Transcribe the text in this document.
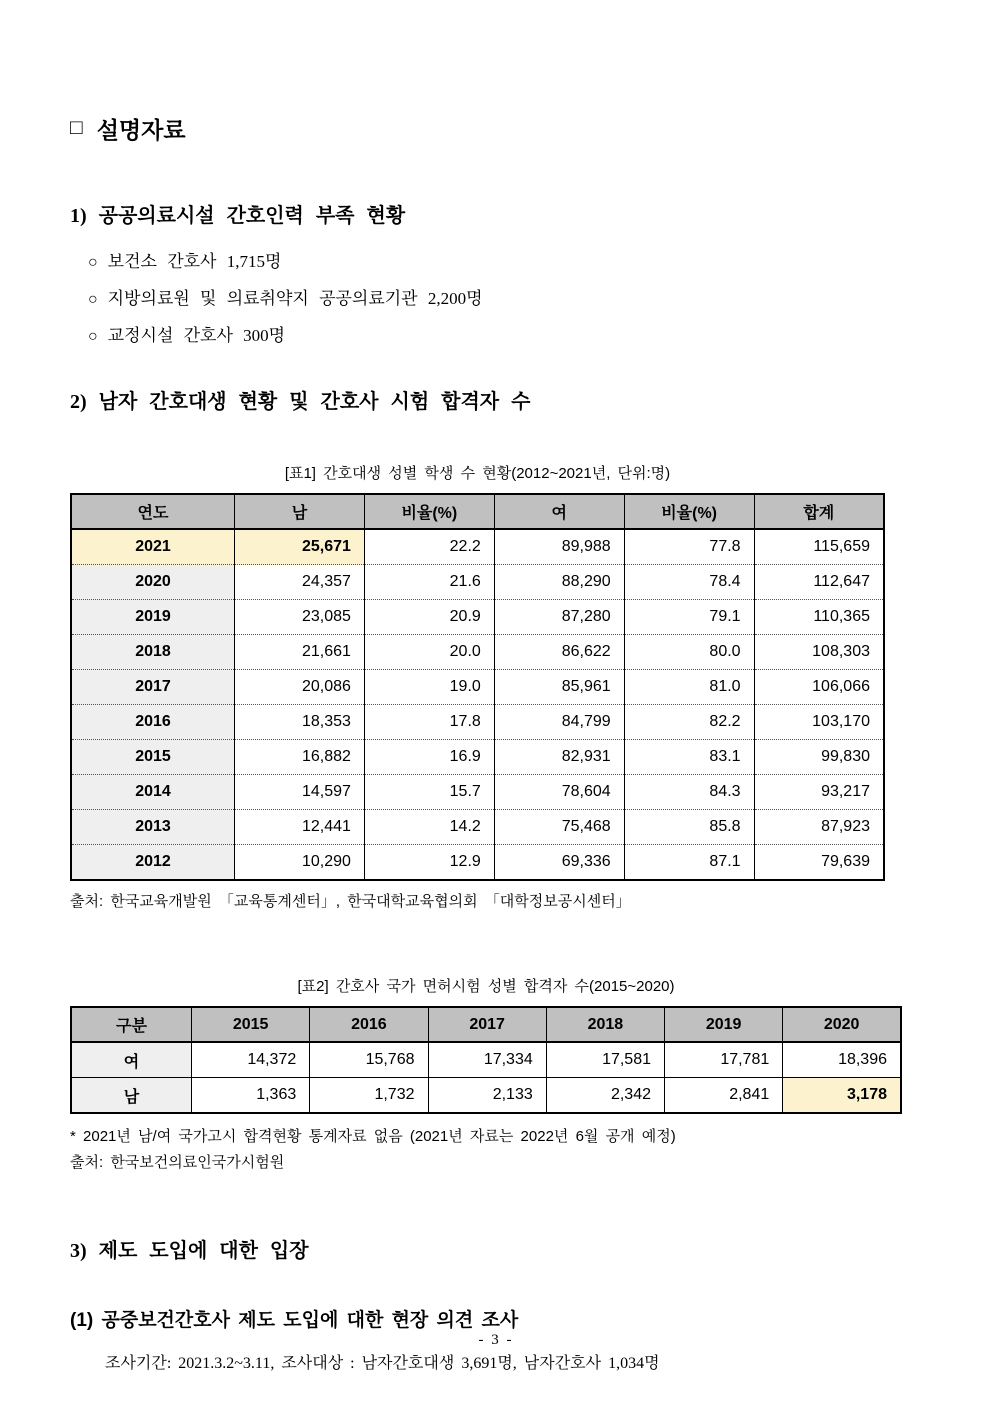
□ 설명자료
1) 공공의료시설 간호인력 부족 현황
○ 보건소 간호사 1,715명
○ 지방의료원 및 의료취약지 공공의료기관 2,200명
○ 교정시설 간호사 300명
2) 남자 간호대생 현황 및 간호사 시험 합격자 수
[표1] 간호대생 성별 학생 수 현황(2012~2021년, 단위:명)
연도	남	비율(%)	여	비율(%)	합계
2021	25,671	22.2	89,988	77.8	115,659
2020	24,357	21.6	88,290	78.4	112,647
2019	23,085	20.9	87,280	79.1	110,365
2018	21,661	20.0	86,622	80.0	108,303
2017	20,086	19.0	85,961	81.0	106,066
2016	18,353	17.8	84,799	82.2	103,170
2015	16,882	16.9	82,931	83.1	99,830
2014	14,597	15.7	78,604	84.3	93,217
2013	12,441	14.2	75,468	85.8	87,923
2012	10,290	12.9	69,336	87.1	79,639
출처: 한국교육개발원 「교육통계센터」, 한국대학교육협의회 「대학정보공시센터」
[표2] 간호사 국가 면허시험 성별 합격자 수(2015~2020)
구분	2015	2016	2017	2018	2019	2020
여	14,372	15,768	17,334	17,581	17,781	18,396
남	1,363	1,732	2,133	2,342	2,841	3,178
* 2021년 남/여 국가고시 합격현황 통계자료 없음 (2021년 자료는 2022년 6월 공개 예정)
출처: 한국보건의료인국가시험원
3) 제도 도입에 대한 입장
(1) 공중보건간호사 제도 도입에 대한 현장 의견 조사
조사기간: 2021.3.2~3.11, 조사대상 : 남자간호대생 3,691명, 남자간호사 1,034명
- 3 -
